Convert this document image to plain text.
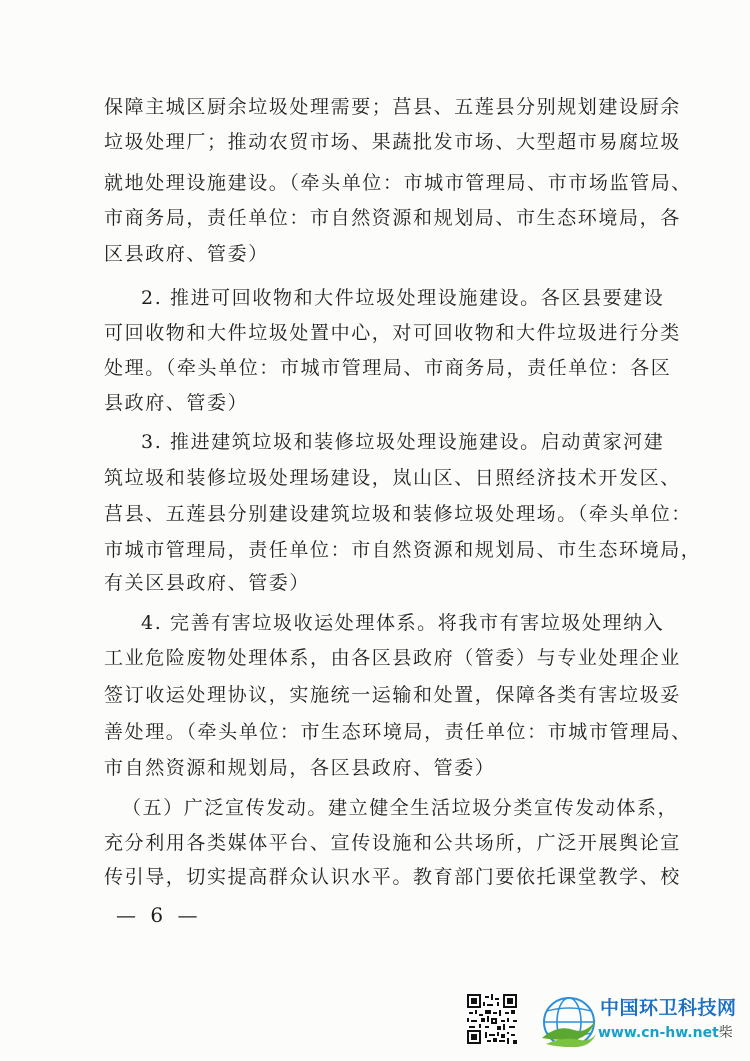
保障主城区厨余垃圾处理需要；莒县、五莲县分别规划建设厨余
垃圾处理厂；推动农贸市场、果蔬批发市场、大型超市易腐垃圾
就地处理设施建设。（牵头单位：市城市管理局、市市场监管局、
市商务局，责任单位：市自然资源和规划局、市生态环境局，各
区县政府、管委）
2. 推进可回收物和大件垃圾处理设施建设。各区县要建设
可回收物和大件垃圾处置中心，对可回收物和大件垃圾进行分类
处理。（牵头单位：市城市管理局、市商务局，责任单位：各区
县政府、管委）
3. 推进建筑垃圾和装修垃圾处理设施建设。启动黄家河建
筑垃圾和装修垃圾处理场建设，岚山区、日照经济技术开发区、
莒县、五莲县分别建设建筑垃圾和装修垃圾处理场。（牵头单位：
市城市管理局，责任单位：市自然资源和规划局、市生态环境局，
有关区县政府、管委）
4. 完善有害垃圾收运处理体系。将我市有害垃圾处理纳入
工业危险废物处理体系，由各区县政府（管委）与专业处理企业
签订收运处理协议，实施统一运输和处置，保障各类有害垃圾妥
善处理。（牵头单位：市生态环境局，责任单位：市城市管理局、
市自然资源和规划局，各区县政府、管委）
（五）广泛宣传发动。建立健全生活垃圾分类宣传发动体系，
充分利用各类媒体平台、宣传设施和公共场所，广泛开展舆论宣
传引导，切实提高群众认识水平。教育部门要依托课堂教学、校
— 6 —
中国环卫科技网
www.cn-hw.net柴
